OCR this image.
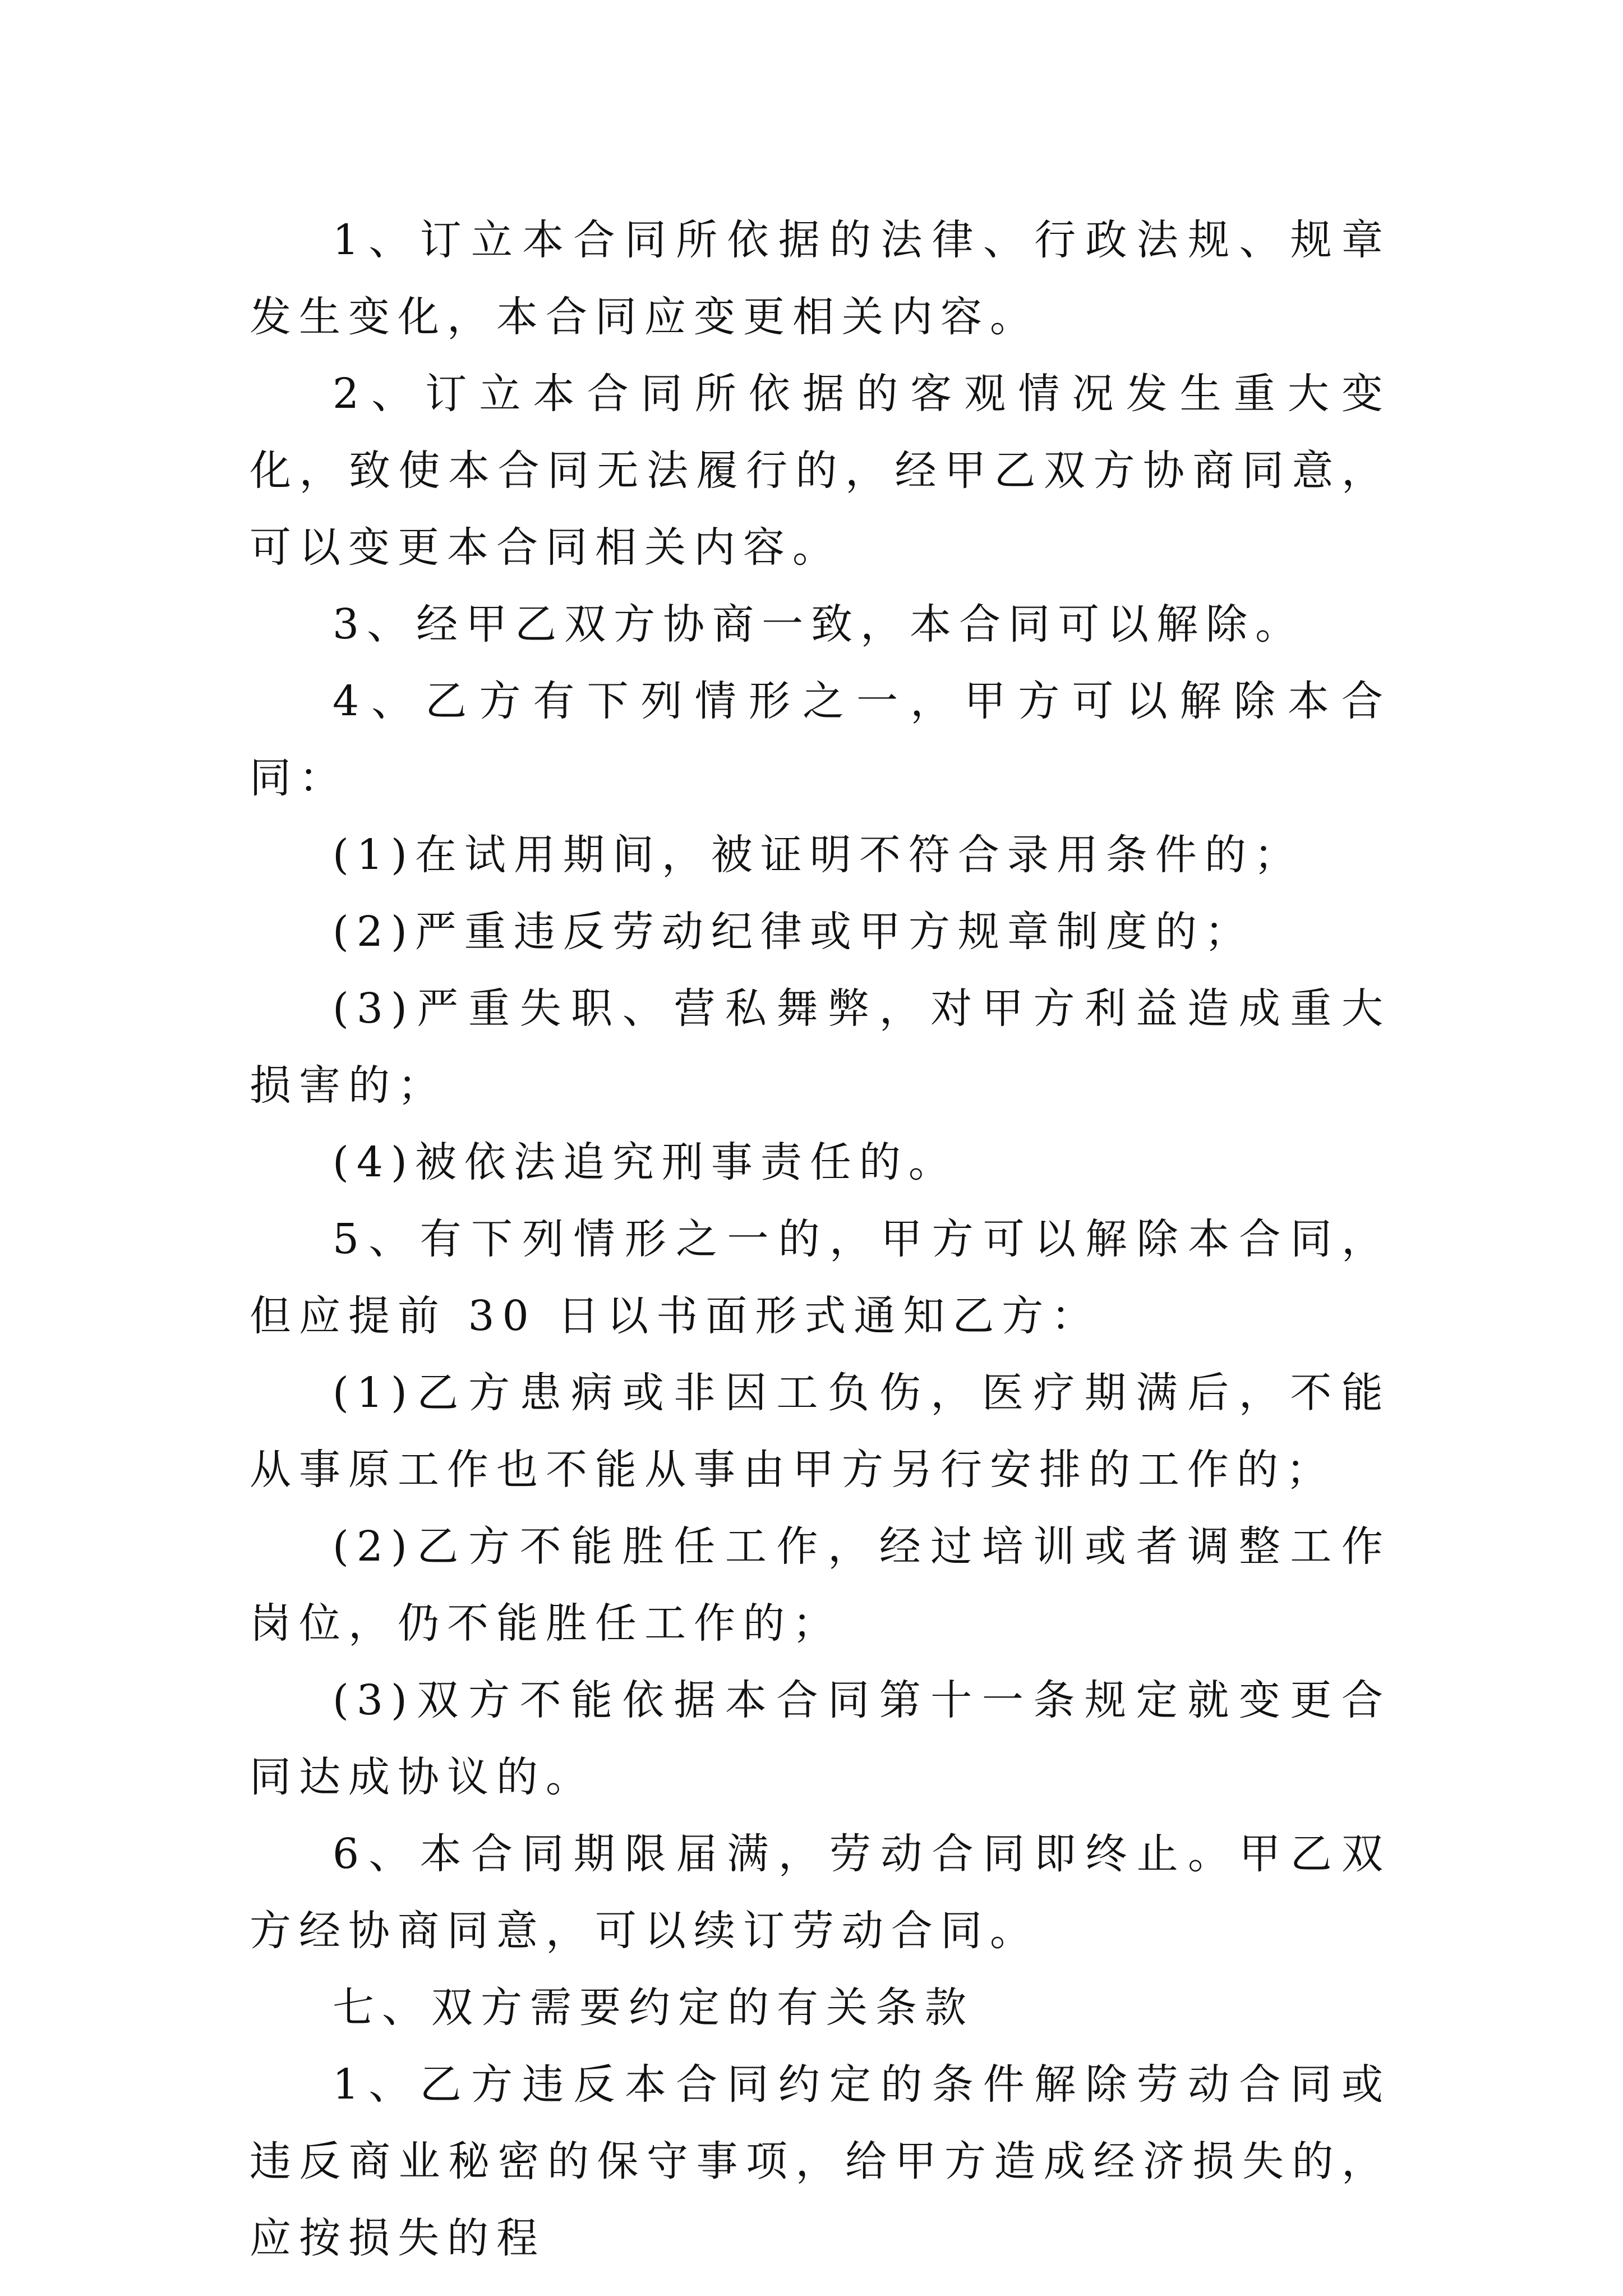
1、订立本合同所依据的法律、行政法规、规章发生变化，本合同应变更相关内容。

2、订立本合同所依据的客观情况发生重大变化，致使本合同无法履行的，经甲乙双方协商同意，可以变更本合同相关内容。

3、经甲乙双方协商一致，本合同可以解除。

4、乙方有下列情形之一，甲方可以解除本合同：

(1)在试用期间，被证明不符合录用条件的；

(2)严重违反劳动纪律或甲方规章制度的；

(3)严重失职、营私舞弊，对甲方利益造成重大损害的；

(4)被依法追究刑事责任的。

5、有下列情形之一的，甲方可以解除本合同，但应提前 30 日以书面形式通知乙方：

(1)乙方患病或非因工负伤，医疗期满后，不能从事原工作也不能从事由甲方另行安排的工作的；

(2)乙方不能胜任工作，经过培训或者调整工作岗位，仍不能胜任工作的；

(3)双方不能依据本合同第十一条规定就变更合同达成协议的。

6、本合同期限届满，劳动合同即终止。甲乙双方经协商同意，可以续订劳动合同。

七、双方需要约定的有关条款

1、乙方违反本合同约定的条件解除劳动合同或违反商业秘密的保守事项，给甲方造成经济损失的，应按损失的程
